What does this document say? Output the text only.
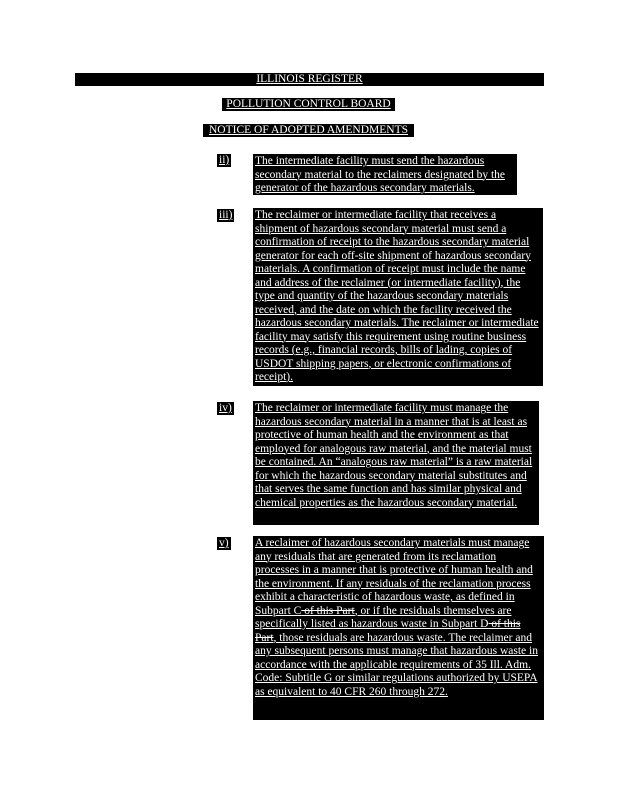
ILLINOIS REGISTER
POLLUTION CONTROL BOARD
NOTICE OF ADOPTED AMENDMENTS
ii) The intermediate facility must send the hazardous secondary material to the reclaimers designated by the generator of the hazardous secondary materials.
iii) The reclaimer or intermediate facility that receives a shipment of hazardous secondary material must send a confirmation of receipt to the hazardous secondary material generator for each off-site shipment of hazardous secondary materials. A confirmation of receipt must include the name and address of the reclaimer (or intermediate facility), the type and quantity of the hazardous secondary materials received, and the date on which the facility received the hazardous secondary materials. The reclaimer or intermediate facility may satisfy this requirement using routine business records (e.g., financial records, bills of lading, copies of USDOT shipping papers, or electronic confirmations of receipt).
iv) The reclaimer or intermediate facility must manage the hazardous secondary material in a manner that is at least as protective of human health and the environment as that employed for analogous raw material, and the material must be contained. An “analogous raw material” is a raw material for which the hazardous secondary material substitutes and that serves the same function and has similar physical and chemical properties as the hazardous secondary material.
v) A reclaimer of hazardous secondary materials must manage any residuals that are generated from its reclamation processes in a manner that is protective of human health and the environment. If any residuals of the reclamation process exhibit a characteristic of hazardous waste, as defined in Subpart C of this Part, or if the residuals themselves are specifically listed as hazardous waste in Subpart D of this Part, those residuals are hazardous waste. The reclaimer and any subsequent persons must manage that hazardous waste in accordance with the applicable requirements of 35 Ill. Adm. Code: Subtitle G or similar regulations authorized by USEPA as equivalent to 40 CFR 260 through 272.
